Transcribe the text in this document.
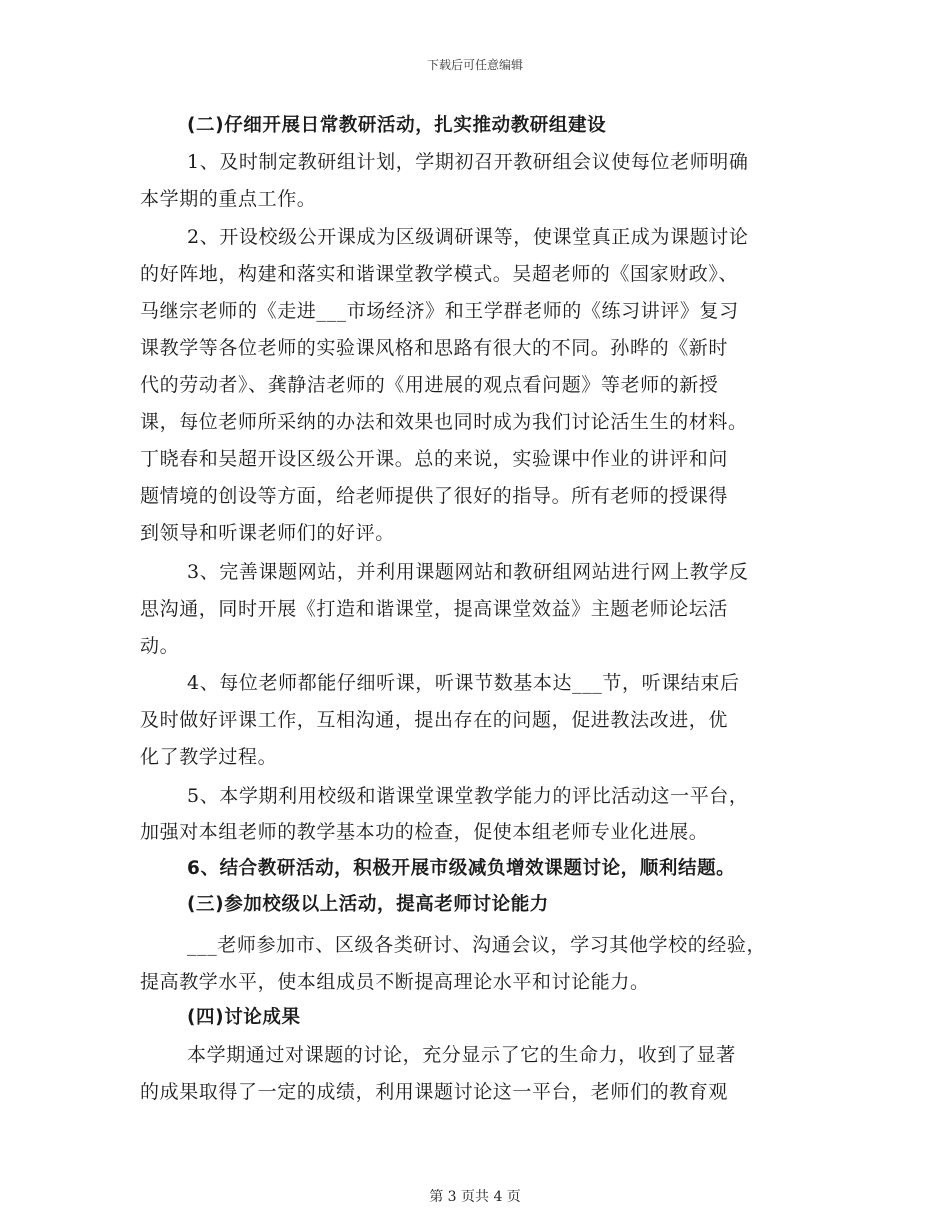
下载后可任意编辑
(二)仔细开展日常教研活动，扎实推动教研组建设
1、及时制定教研组计划，学期初召开教研组会议使每位老师明确
本学期的重点工作。
2、开设校级公开课成为区级调研课等，使课堂真正成为课题讨论
的好阵地，构建和落实和谐课堂教学模式。吴超老师的《国家财政》、
马继宗老师的《走进___市场经济》和王学群老师的《练习讲评》复习
课教学等各位老师的实验课风格和思路有很大的不同。孙晔的《新时
代的劳动者》、龚静洁老师的《用进展的观点看问题》等老师的新授
课，每位老师所采纳的办法和效果也同时成为我们讨论活生生的材料。
丁晓春和吴超开设区级公开课。总的来说，实验课中作业的讲评和问
题情境的创设等方面，给老师提供了很好的指导。所有老师的授课得
到领导和听课老师们的好评。
3、完善课题网站，并利用课题网站和教研组网站进行网上教学反
思沟通，同时开展《打造和谐课堂，提高课堂效益》主题老师论坛活
动。
4、每位老师都能仔细听课，听课节数基本达___节，听课结束后
及时做好评课工作，互相沟通，提出存在的问题，促进教法改进，优
化了教学过程。
5、本学期利用校级和谐课堂课堂教学能力的评比活动这一平台，
加强对本组老师的教学基本功的检查，促使本组老师专业化进展。
6、结合教研活动，积极开展市级减负增效课题讨论，顺利结题。
(三)参加校级以上活动，提高老师讨论能力
___老师参加市、区级各类研讨、沟通会议，学习其他学校的经验，
提高教学水平，使本组成员不断提高理论水平和讨论能力。
(四)讨论成果
本学期通过对课题的讨论，充分显示了它的生命力，收到了显著
的成果取得了一定的成绩，利用课题讨论这一平台，老师们的教育观
第 3 页共 4 页
